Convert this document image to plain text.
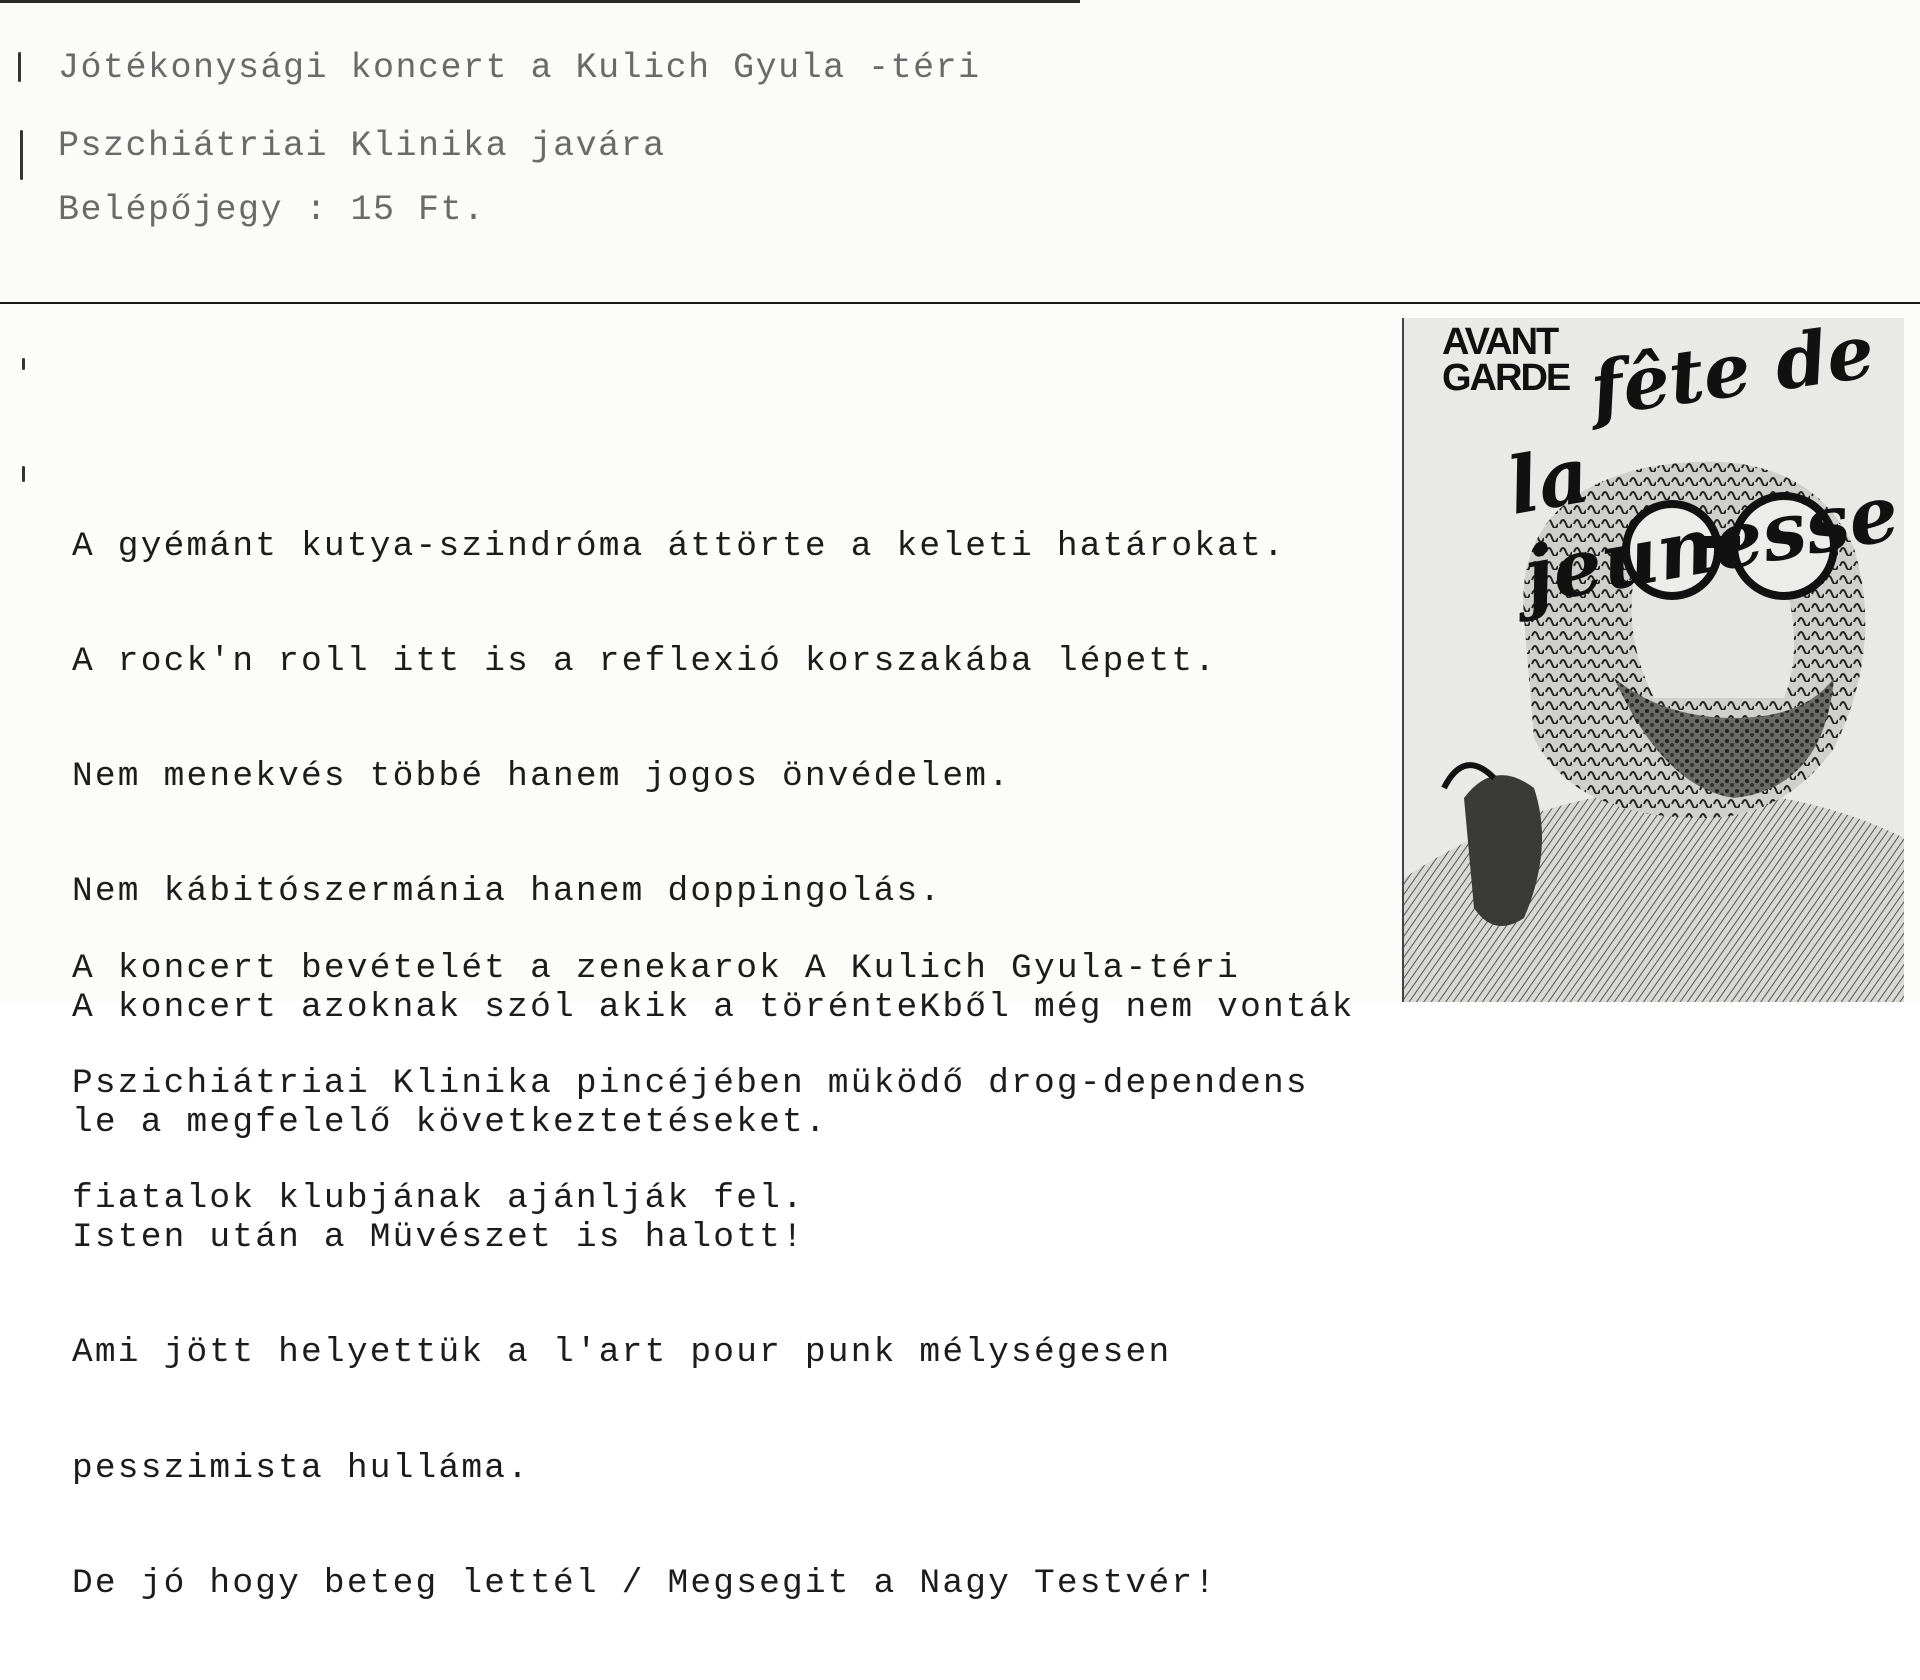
Jótékonysági koncert a Kulich Gyula -téri
Pszchiátriai Klinika javára
Belépőjegy : 15 Ft.

A gyémánt kutya-szindróma áttörte a keleti határokat.

A rock'n roll itt is a reflexió korszakába lépett.

Nem menekvés többé hanem jogos önvédelem.

Nem kábitószermánia hanem doppingolás.

A koncert azoknak szól akik a törénteKből még nem vonták

le a megfelelő következtetéseket.

Isten után a Müvészet is halott!

Ami jött helyettük a l'art pour punk mélységesen

pesszimista hulláma.

De jó hogy beteg lettél / Megsegit a Nagy Testvér!

A koncert bevételét a zenekarok A Kulich Gyula-téri

Pszichiátriai Klinika pincéjében müködő drog-dependens

fiatalok klubjának ajánlják fel.

AVANT
GARDE fête de
la jeunesse
